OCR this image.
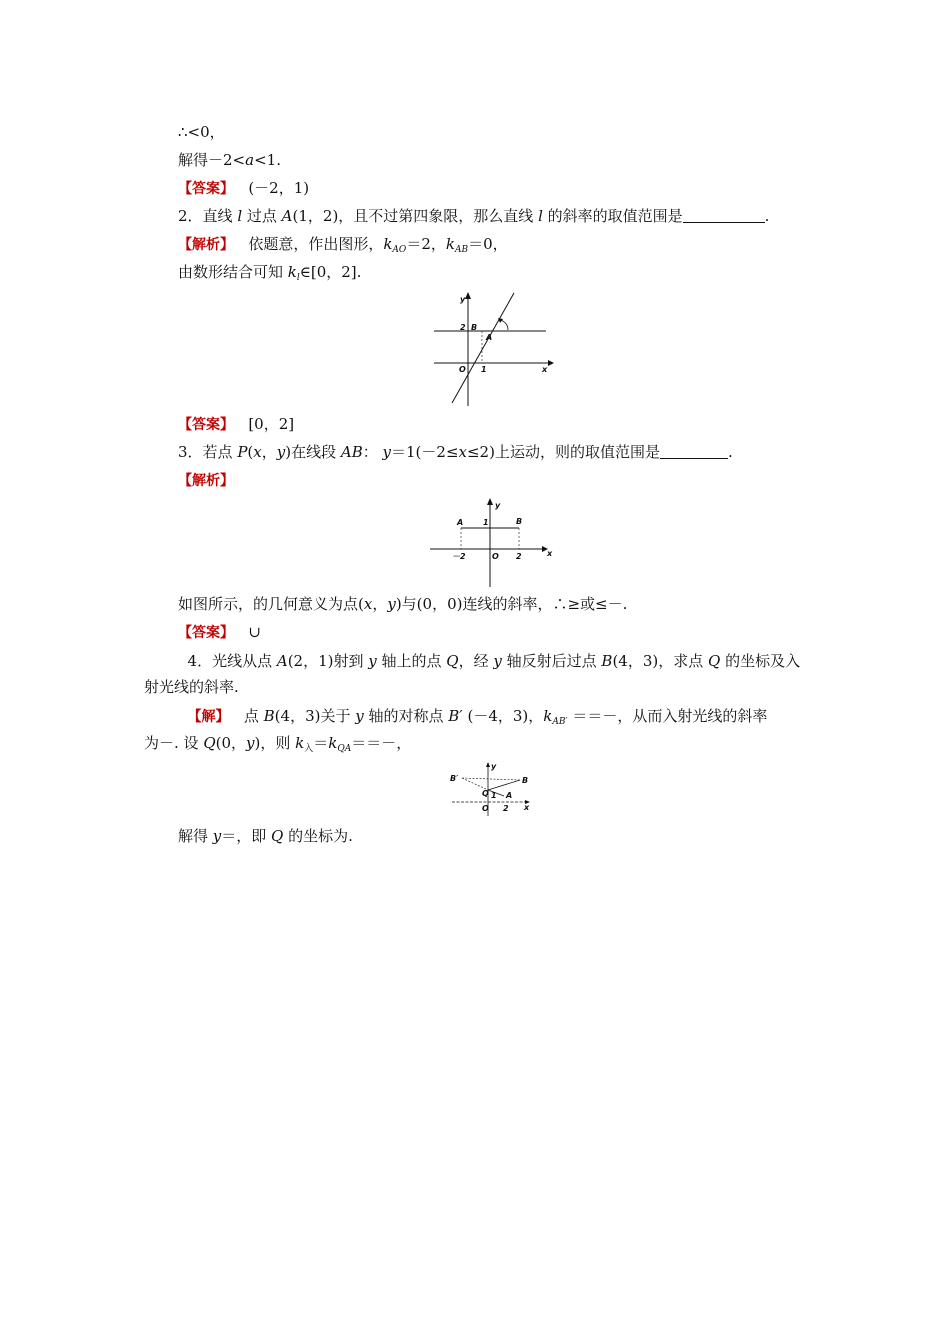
∴<0，
解得－2<a<1.
【答案】 (－2，1)
2．直线 l 过点 A(1，2)，且不过第四象限，那么直线 l 的斜率的取值范围是	.
【解析】 依题意，作出图形，$k_{AO}=2$，$k_{AB}=0$，
由数形结合可知 $k_l\in[0$，2].
y
x
O 1
2 B
A
【答案】 [0，2]
3．若点 P(x，y)在线段 AB： y＝1(－2≤x≤2)上运动，则的取值范围是	.
【解析】
y
x
O
1
A	B
－2	2
如图所示，的几何意义为点(x，y)与(0，0)连线的斜率，∴≥或≤－.
【答案】 ∪
4．光线从点 A(2，1)射到 y 轴上的点 Q，经 y 轴反射后过点 B(4，3)，求点 Q 的坐标及入
射光线的斜率.
【解】 点 B(4，3)关于 y 轴的对称点 B′ (－4，3)，$k_{AB'}$ ＝＝－，从而入射光线的斜率
为－. 设 Q(0，y)，则 $k_入=k_{QA}==-$，
y
x
O
B′	B
Q 1 A
2
解得 y＝，即 Q 的坐标为.
